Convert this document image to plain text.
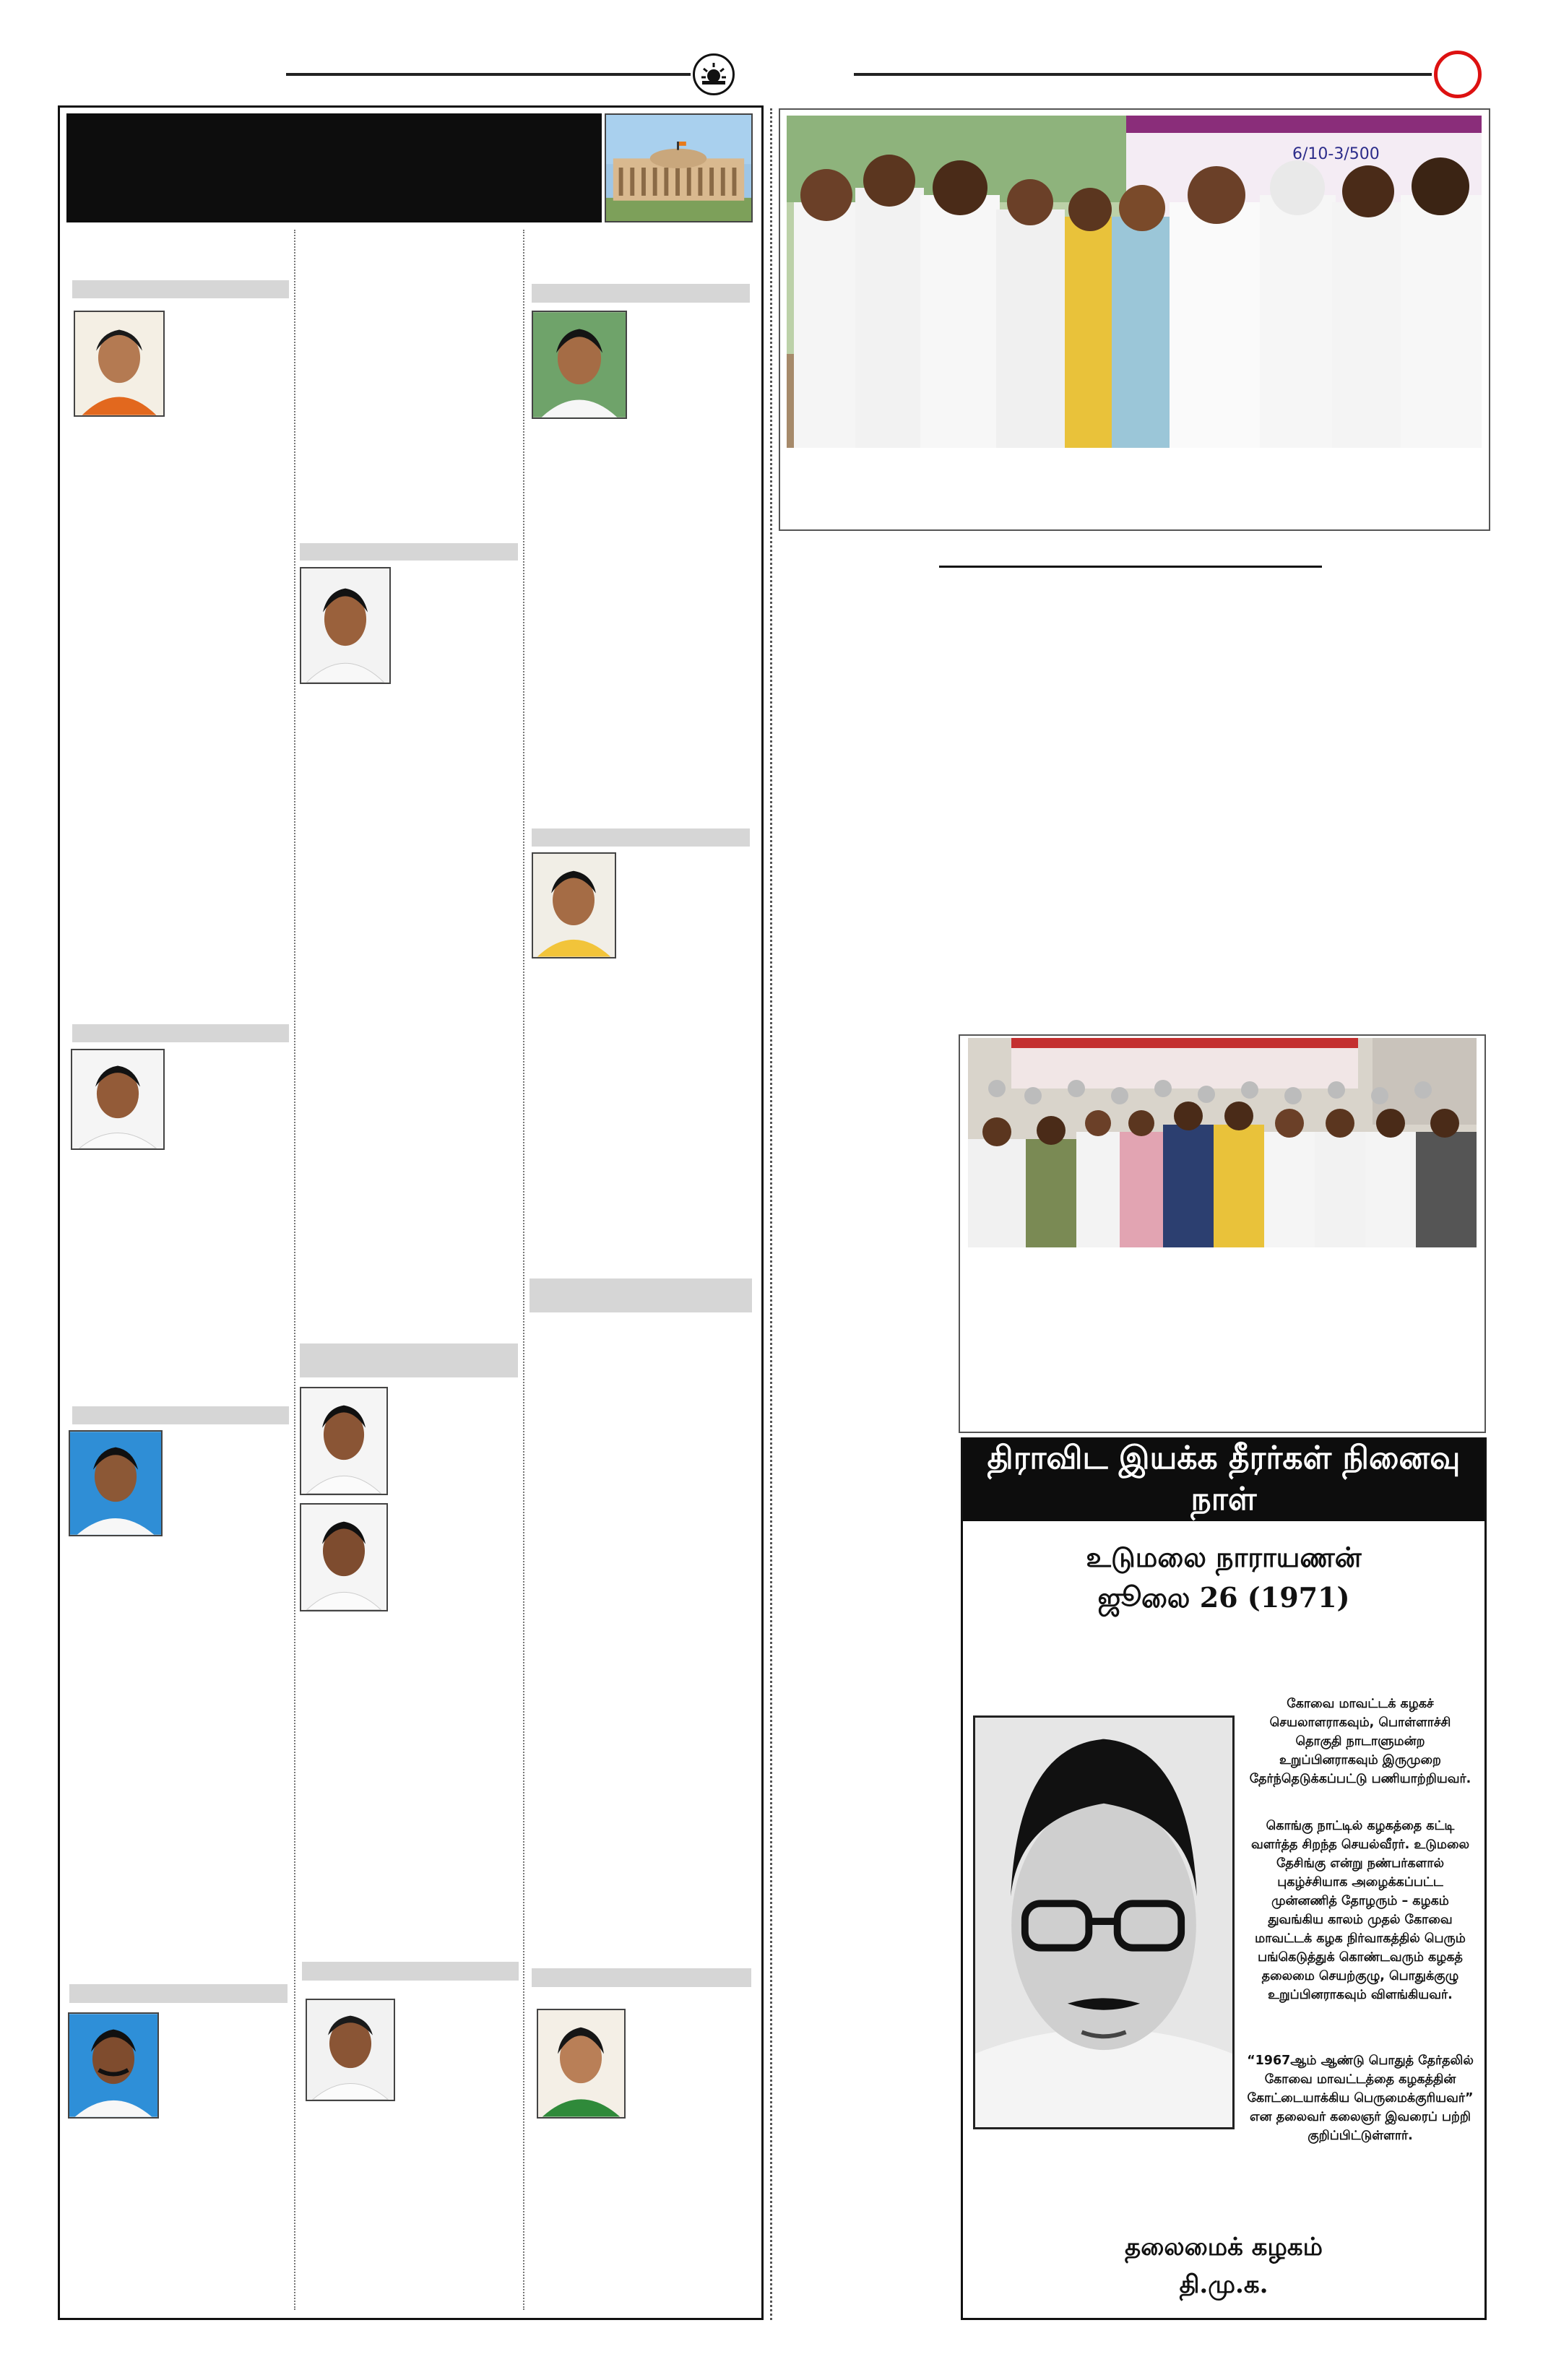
6/10-3/500
திராவிட இயக்க தீரர்கள் நினைவு நாள்
உடுமலை நாராயணன்
ஜூலை 26 (1971)
கோவை மாவட்டக் கழகச் செயலாளராகவும், பொள்ளாச்சி தொகுதி நாடாளுமன்ற உறுப்பினராகவும் இருமுறை தேர்ந்தெடுக்கப்பட்டு பணியாற்றியவர்.
கொங்கு நாட்டில் கழகத்தை கட்டி வளர்த்த சிறந்த செயல்வீரர். உடுமலை தேசிங்கு என்று நண்பர்களால் புகழ்ச்சியாக அழைக்கப்பட்ட முன்னணித் தோழரும் – கழகம் துவங்கிய காலம் முதல் கோவை மாவட்டக் கழக நிர்வாகத்தில் பெரும் பங்கெடுத்துக் கொண்டவரும் கழகத் தலைமை செயற்குழு, பொதுக்குழு உறுப்பினராகவும் விளங்கியவர்.
“1967ஆம் ஆண்டு பொதுத் தேர்தலில் கோவை மாவட்டத்தை கழகத்தின் கோட்டையாக்கிய பெருமைக்குரியவர்” என தலைவர் கலைஞர் இவரைப் பற்றி குறிப்பிட்டுள்ளார்.
தலைமைக் கழகம்
தி.மு.க.
